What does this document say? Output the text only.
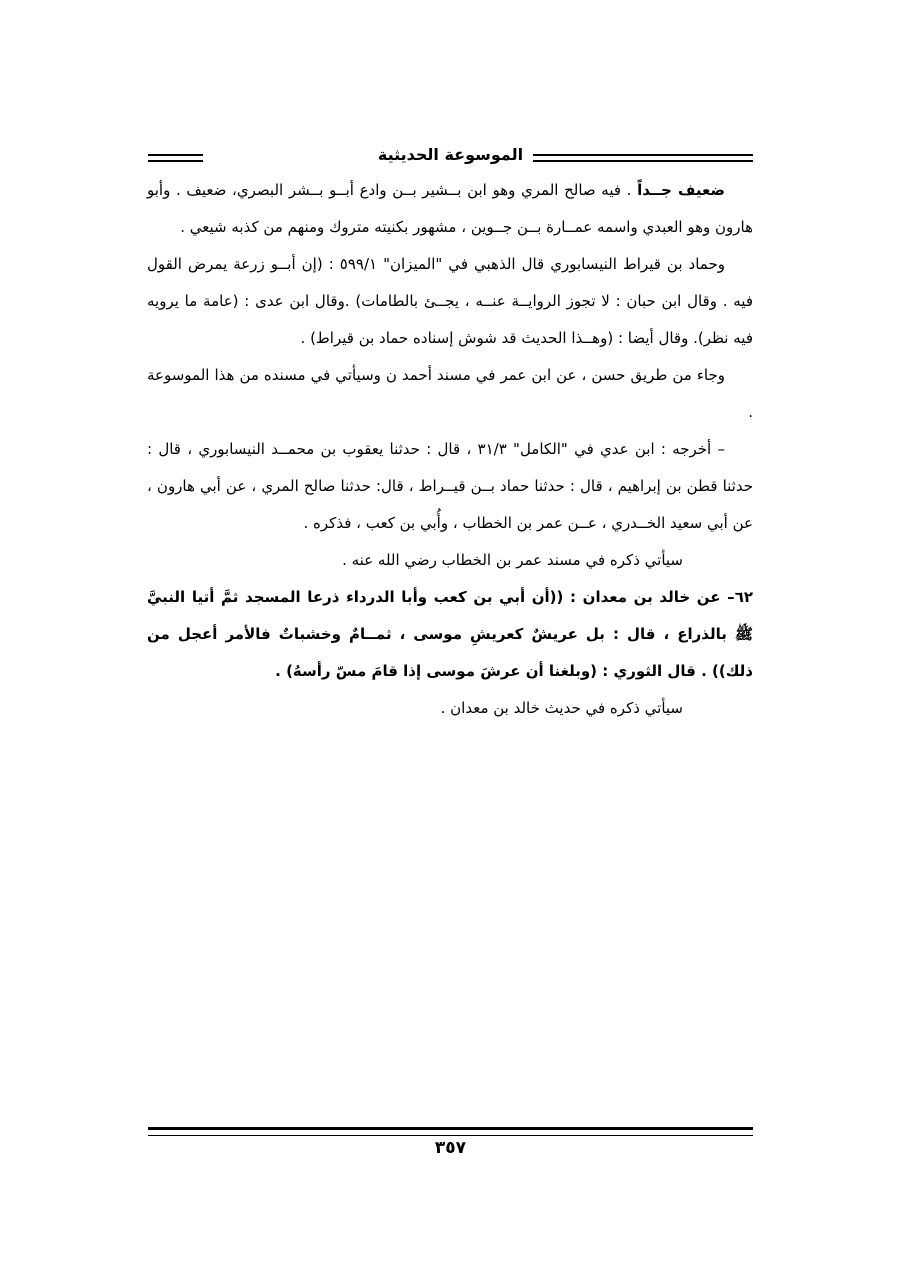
الموسوعة الحديثية

ضعيف جــداً . فيه صالح المري وهو ابن بــشير بــن وادع أبــو بــشر البصري، ضعيف . وأبو هارون وهو العبدي واسمه عمــارة بــن جــوين ، مشهور بكنيته متروك ومنهم من كذبه شيعي .

وحماد بن قيراط النيسابوري قال الذهبي في "الميزان" ٥٩٩/١ : (إن أبــو زرعة يمرض القول فيه . وقال ابن حبان : لا تجوز الروايــة عنــه ، يجــئ بالطامات) .وقال ابن عدى : (عامة ما يرويه فيه نظر). وقال أيضا : (وهــذا الحديث قد شوش إسناده حماد بن قيراط) .

وجاء من طريق حسن ، عن ابن عمر في مسند أحمد ن وسيأتي في مسنده من هذا الموسوعة .

– أخرجه : ابن عدي في "الكامل" ٣١/٣ ، قال : حدثنا يعقوب بن محمــد النيسابوري ، قال : حدثنا قطن بن إبراهيم ، قال : حدثنا حماد بــن قيــراط ، قال: حدثنا صالح المري ، عن أبي هارون ، عن أبي سعيد الخــدري ، عــن عمر بن الخطاب ، وأُبي بن كعب ، فذكره .

سيأتي ذكره في مسند عمر بن الخطاب رضي الله عنه .

٦٢– عن خالد بن معدان : ((أن أبي بن كعب وأبا الدرداء ذرعا المسجد ثمَّ أتيا النبيَّ ﷺ بالذراع ، قال : بل عريشٌ كعريشِ موسى ، ثمــامٌ وخشباتٌ فالأمر أعجل من ذلك)) . قال الثوري : (وبلغنا أن عرشَ موسى إذا قامَ مسّ رأسهُ) .

سيأتي ذكره في حديث خالد بن معدان .

٣٥٧
